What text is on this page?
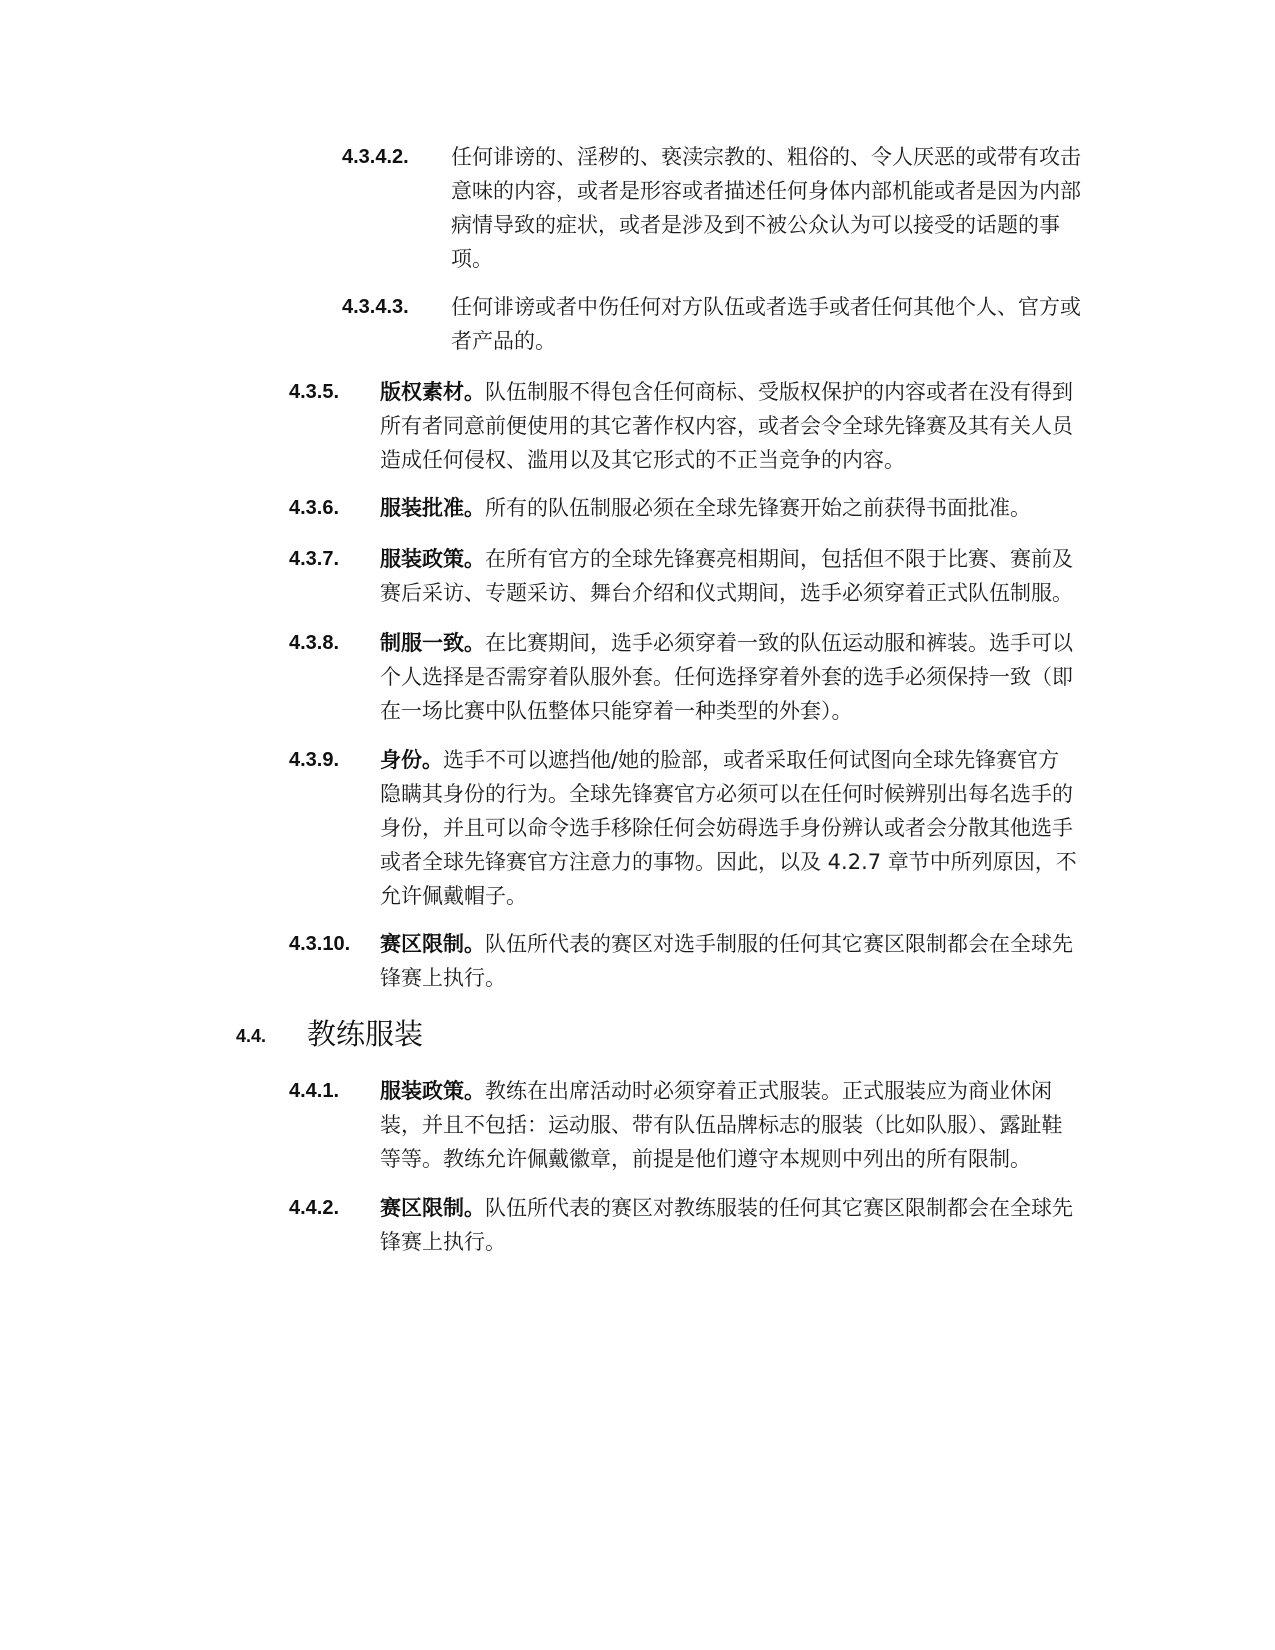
4.3.4.2. 任何诽谤的、淫秽的、亵渎宗教的、粗俗的、令人厌恶的或带有攻击
意味的内容，或者是形容或者描述任何身体内部机能或者是因为内部
病情导致的症状，或者是涉及到不被公众认为可以接受的话题的事
项。
4.3.4.3. 任何诽谤或者中伤任何对方队伍或者选手或者任何其他个人、官方或
者产品的。
4.3.5. 版权素材。队伍制服不得包含任何商标、受版权保护的内容或者在没有得到
所有者同意前便使用的其它著作权内容，或者会令全球先锋赛及其有关人员
造成任何侵权、滥用以及其它形式的不正当竞争的内容。
4.3.6. 服装批准。所有的队伍制服必须在全球先锋赛开始之前获得书面批准。
4.3.7. 服装政策。在所有官方的全球先锋赛亮相期间，包括但不限于比赛、赛前及
赛后采访、专题采访、舞台介绍和仪式期间，选手必须穿着正式队伍制服。
4.3.8. 制服一致。在比赛期间，选手必须穿着一致的队伍运动服和裤装。选手可以
个人选择是否需穿着队服外套。任何选择穿着外套的选手必须保持一致（即
在一场比赛中队伍整体只能穿着一种类型的外套）。
4.3.9. 身份。选手不可以遮挡他/她的脸部，或者采取任何试图向全球先锋赛官方
隐瞒其身份的行为。全球先锋赛官方必须可以在任何时候辨别出每名选手的
身份，并且可以命令选手移除任何会妨碍选手身份辨认或者会分散其他选手
或者全球先锋赛官方注意力的事物。因此，以及 4.2.7 章节中所列原因，不
允许佩戴帽子。
4.3.10. 赛区限制。队伍所代表的赛区对选手制服的任何其它赛区限制都会在全球先
锋赛上执行。
4.4. 教练服装
4.4.1. 服装政策。教练在出席活动时必须穿着正式服装。正式服装应为商业休闲
装，并且不包括：运动服、带有队伍品牌标志的服装（比如队服）、露趾鞋
等等。教练允许佩戴徽章，前提是他们遵守本规则中列出的所有限制。
4.4.2. 赛区限制。队伍所代表的赛区对教练服装的任何其它赛区限制都会在全球先
锋赛上执行。
